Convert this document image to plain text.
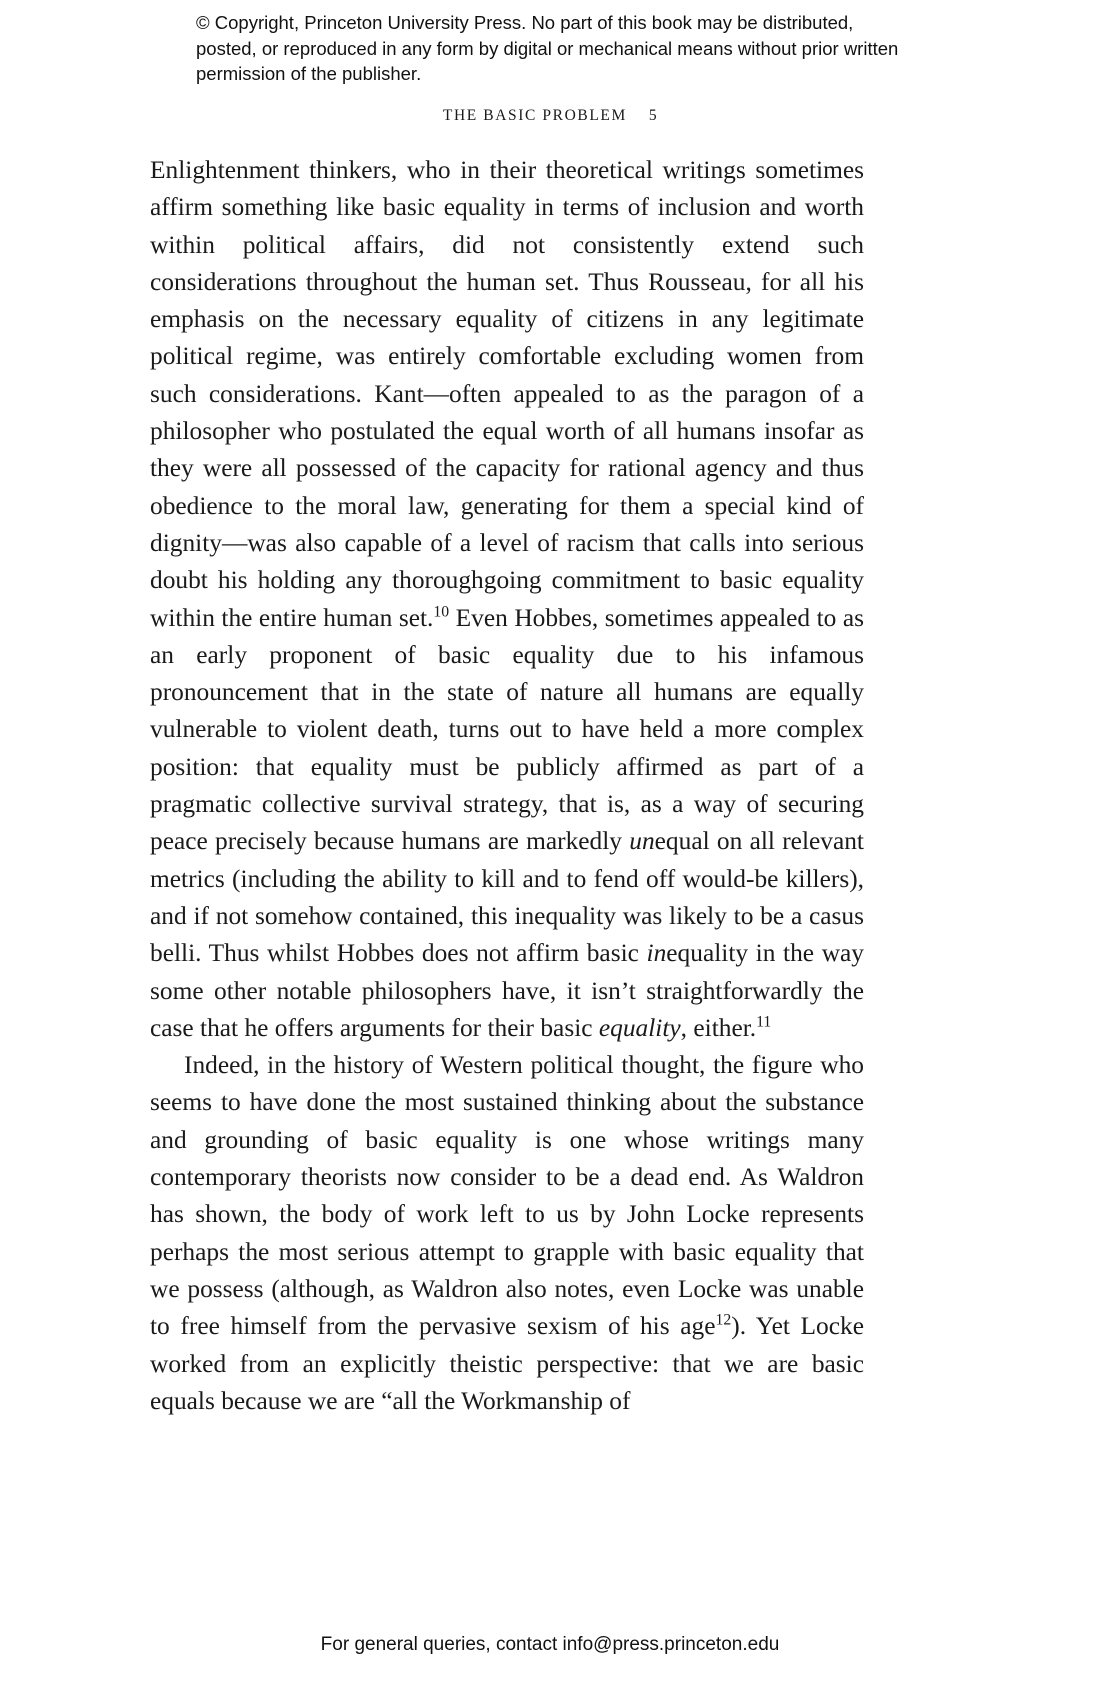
© Copyright, Princeton University Press. No part of this book may be distributed, posted, or reproduced in any form by digital or mechanical means without prior written permission of the publisher.
THE BASIC PROBLEM 5

Enlightenment thinkers, who in their theoretical writings sometimes affirm something like basic equality in terms of inclusion and worth within political affairs, did not consistently extend such considerations throughout the human set. Thus Rousseau, for all his emphasis on the necessary equality of citizens in any legitimate political regime, was entirely comfortable excluding women from such considerations. Kant—often appealed to as the paragon of a philosopher who postulated the equal worth of all humans insofar as they were all possessed of the capacity for rational agency and thus obedience to the moral law, generating for them a special kind of dignity—was also capable of a level of racism that calls into serious doubt his holding any thoroughgoing commitment to basic equality within the entire human set.$^{10}$ Even Hobbes, sometimes appealed to as an early proponent of basic equality due to his infamous pronouncement that in the state of nature all humans are equally vulnerable to violent death, turns out to have held a more complex position: that equality must be publicly affirmed as part of a pragmatic collective survival strategy, that is, as a way of securing peace precisely because humans are markedly unequal on all relevant metrics (including the ability to kill and to fend off would-be killers), and if not somehow contained, this inequality was likely to be a casus belli. Thus whilst Hobbes does not affirm basic inequality in the way some other notable philosophers have, it isn’t straightforwardly the case that he offers arguments for their basic equality, either.$^{11}$

Indeed, in the history of Western political thought, the figure who seems to have done the most sustained thinking about the substance and grounding of basic equality is one whose writings many contemporary theorists now consider to be a dead end. As Waldron has shown, the body of work left to us by John Locke represents perhaps the most serious attempt to grapple with basic equality that we possess (although, as Waldron also notes, even Locke was unable to free himself from the pervasive sexism of his age$^{12}$). Yet Locke worked from an explicitly theistic perspective: that we are basic equals because we are “all the Workmanship of

For general queries, contact info@press.princeton.edu
